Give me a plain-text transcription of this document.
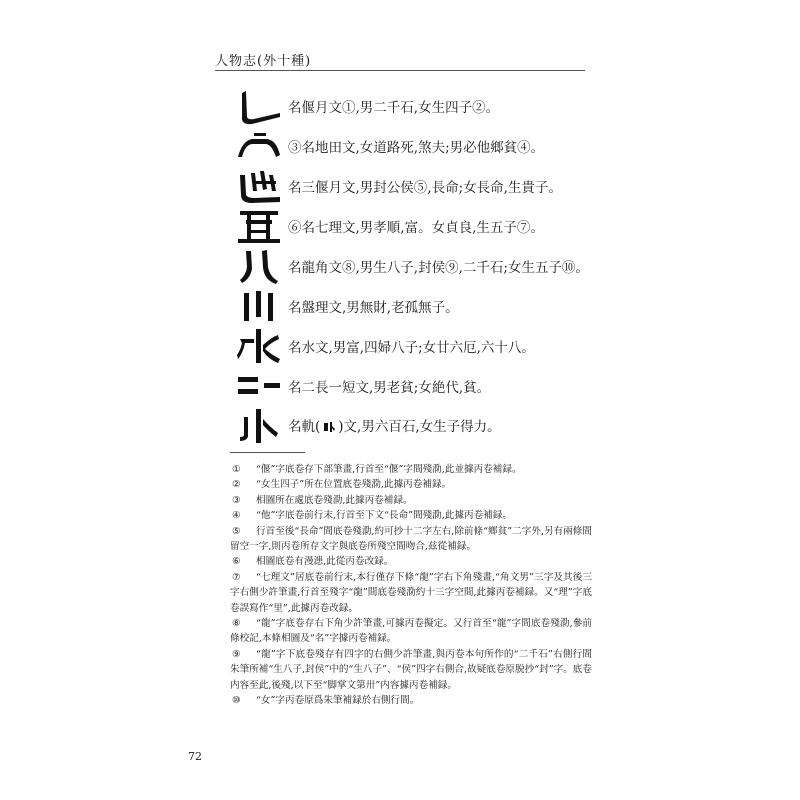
人物志(外十種)
名偃月文①,男二千石,女生四子②。
③名地田文,女道路死,煞夫;男必他鄉貧④。
名三偃月文,男封公侯⑤,長命;女長命,生貴子。
⑥名七理文,男孝順,富。女貞良,生五子⑦。
名龍角文⑧,男生八子,封侯⑨,二千石;女生五子⑩。
名盤理文,男無財,老孤無子。
名水文,男富,四婦八子;女廿六厄,六十八。
名二長一短文,男老貧;女絶代,貧。
名軌( )文,男六百石,女生子得力。
① “偃”字底卷存下部筆畫,行首至“偃”字間殘泐,此並據丙卷補録。
② “女生四子”所在位置底卷殘泐,此據丙卷補録。
③ 相圖所在處底卷殘泐,此據丙卷補録。
④ “他”字底卷前行末,行首至下文“長命”間殘泐,此據丙卷補録。
⑤ 行首至後“長命”間底卷殘泐,約可抄十二字左右,除前條“鄉貧”二字外,另有兩條間留空一字,則丙卷所存文字與底卷所殘空間吻合,兹從補録。
⑥ 相圖底卷有漫漶,此從丙卷改録。
⑦ “七理文”居底卷前行末,本行僅存下條“龍”字右下角殘畫,“角文男”三字及其後三字右側少許筆畫,行首至殘字“龍”間底卷殘泐約十三字空間,此據丙卷補録。又“理”字底卷誤寫作“里”,此據丙卷改録。
⑧ “龍”字底卷存右下角少許筆畫,可據丙卷擬定。又行首至“龍”字間底卷殘泐,參前條校記,本條相圖及“名”字據丙卷補録。
⑨ “龍”字下底卷殘存有四字的右側少許筆畫,與丙卷本句所作的“二千石”右側行間朱筆所補“生八子,封侯”中的“生八子”、“侯”四字右側合,故疑底卷原脱抄“封”字。底卷内容至此,後殘,以下至“脚掌文第卅”内容據丙卷補録。
⑩ “女”字丙卷原爲朱筆補録於右側行間。
72
